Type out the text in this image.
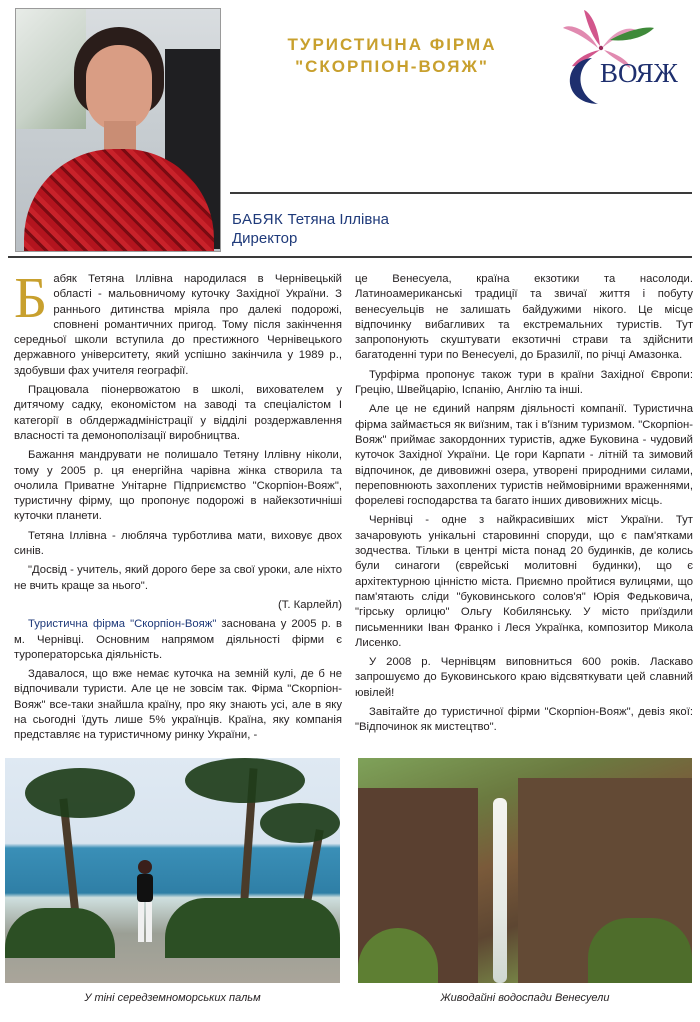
ТУРИСТИЧНА ФІРМА
"СКОРПІОН-ВОЯЖ"	ВОЯЖ
БАБЯК Тетяна Іллівна
Директор

Бабяк Тетяна Іллівна народилася в Чернівецькій області - мальовничому куточку Західної України. З раннього дитинства мріяла про далекі подорожі, сповнені романтичних пригод. Тому після закінчення середньої школи вступила до престижного Чернівецького державного університету, який успішно закінчила у 1989 р., здобувши фах учителя географії.

Працювала піонервожатою в школі, вихователем у дитячому садку, економістом на заводі та спеціалістом I категорії в облдержадміністрації у відділі роздержавлення власності та демонополізації виробництва.

Бажання мандрувати не полишало Тетяну Іллівну ніколи, тому у 2005 р. ця енергійна чарівна жінка створила та очолила Приватне Унітарне Підприємство "Скорпіон-Вояж", туристичну фірму, що пропонує подорожі в найекзотичніші куточки планети.

Тетяна Іллівна - любляча турботлива мати, виховує двох синів.

"Досвід - учитель, який дорого бере за свої уроки, але ніхто не вчить краще за нього".

(Т. Карлейл)

Туристична фірма "Скорпіон-Вояж" заснована у 2005 р. в м. Чернівці. Основним напрямом діяльності фірми є туроператорська діяльність.

Здавалося, що вже немає куточка на земній кулі, де б не відпочивали туристи. Але це не зовсім так. Фірма "Скорпіон-Вояж" все-таки знайшла країну, про яку знають усі, але в яку на сьогодні їдуть лише 5% українців. Країна, яку компанія представляє на туристичному ринку України, -

це Венесуела, країна екзотики та насолоди. Латиноамериканські традиції та звичаї життя і побуту венесуельців не залишать байдужими нікого. Це місце відпочинку вибагливих та екстремальних туристів. Тут запропонують скуштувати екзотичні страви та здійснити багатоденні тури по Венесуелі, до Бразилії, по річці Амазонка.

Турфірма пропонує також тури в країни Західної Європи: Грецію, Швейцарію, Іспанію, Англію та інші.

Але це не єдиний напрям діяльності компанії. Туристична фірма займається як виїзним, так і в'їзним туризмом. "Скорпіон-Вояж" приймає закордонних туристів, адже Буковина - чудовий куточок Західної України. Це гори Карпати - літній та зимовий відпочинок, де дивовижні озера, утворені природними силами, переповнюють захоплених туристів неймовірними враженнями, форелеві господарства та багато інших дивовижних місць.

Чернівці - одне з найкрасивіших міст України. Тут зачаровують унікальні старовинні споруди, що є пам'ятками зодчества. Тільки в центрі міста понад 20 будинків, де колись були синагоги (єврейські молитовні будинки), що є архітектурною цінністю міста. Приємно пройтися вулицями, що пам'ятають сліди "буковинського солов'я" Юрія Федьковича, "гірську орлицю" Ольгу Кобилянську. У місто приїздили письменники Іван Франко і Леся Українка, композитор Микола Лисенко.

У 2008 р. Чернівцям виповниться 600 років. Ласкаво запрошуємо до Буковинського краю відсвяткувати цей славний ювілей!

Завітайте до туристичної фірми "Скорпіон-Вояж", девіз якої: "Відпочинок як мистецтво".

У тіні середземноморських пальм	Живодайні водоспади Венесуели
